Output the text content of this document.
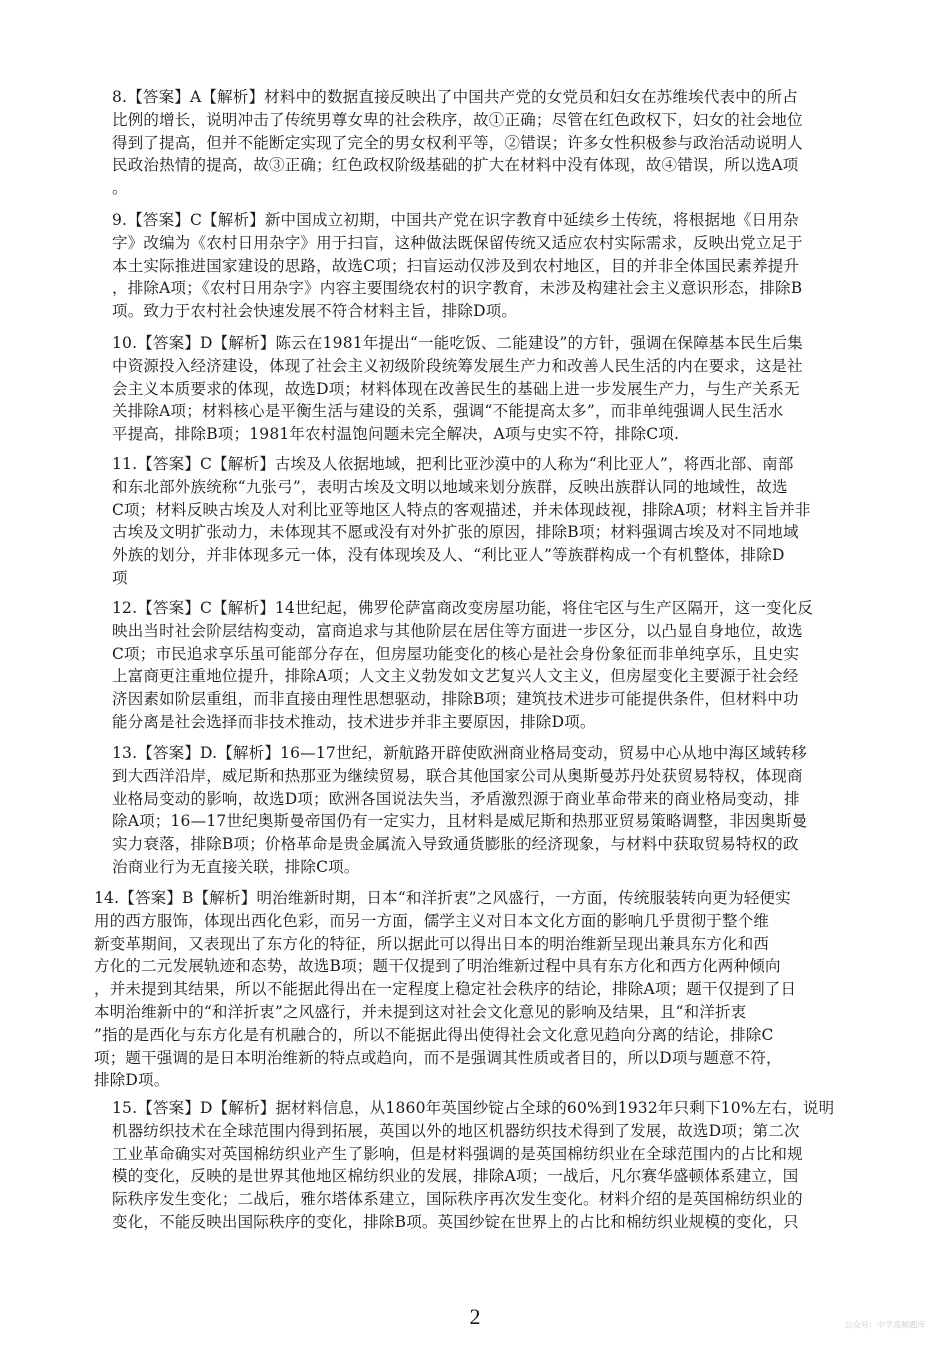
8.【答案】A【解析】材料中的数据直接反映出了中国共产党的女党员和妇女在苏维埃代表中的所占
比例的增长，说明冲击了传统男尊女卑的社会秩序，故①正确；尽管在红色政权下，妇女的社会地位
得到了提高，但并不能断定实现了完全的男女权利平等，②错误；许多女性积极参与政治活动说明人
民政治热情的提高，故③正确；红色政权阶级基础的扩大在材料中没有体现，故④错误，所以选A项
。
9.【答案】C【解析】新中国成立初期，中国共产党在识字教育中延续乡土传统，将根据地《日用杂
字》改编为《农村日用杂字》用于扫盲，这种做法既保留传统又适应农村实际需求，反映出党立足于
本土实际推进国家建设的思路，故选C项；扫盲运动仅涉及到农村地区，目的并非全体国民素养提升
，排除A项；《农村日用杂字》内容主要围绕农村的识字教育，未涉及构建社会主义意识形态，排除B
项。致力于农村社会快速发展不符合材料主旨，排除D项。
10.【答案】D【解析】陈云在1981年提出“一能吃饭、二能建设”的方针，强调在保障基本民生后集
中资源投入经济建设，体现了社会主义初级阶段统筹发展生产力和改善人民生活的内在要求，这是社
会主义本质要求的体现，故选D项；材料体现在改善民生的基础上进一步发展生产力，与生产关系无
关排除A项；材料核心是平衡生活与建设的关系，强调“不能提高太多”，而非单纯强调人民生活水
平提高，排除B项；1981年农村温饱问题未完全解决，A项与史实不符，排除C项.
11.【答案】C【解析】古埃及人依据地域，把利比亚沙漠中的人称为“利比亚人”，将西北部、南部
和东北部外族统称“九张弓”，表明古埃及文明以地域来划分族群，反映出族群认同的地域性，故选
C项；材料反映古埃及人对利比亚等地区人特点的客观描述，并未体现歧视，排除A项；材料主旨并非
古埃及文明扩张动力，未体现其不愿或没有对外扩张的原因，排除B项；材料强调古埃及对不同地域
外族的划分，并非体现多元一体，没有体现埃及人、“利比亚人”等族群构成一个有机整体，排除D
项
12.【答案】C【解析】14世纪起，佛罗伦萨富商改变房屋功能，将住宅区与生产区隔开，这一变化反
映出当时社会阶层结构变动，富商追求与其他阶层在居住等方面进一步区分，以凸显自身地位，故选
C项；市民追求享乐虽可能部分存在，但房屋功能变化的核心是社会身份象征而非单纯享乐，且史实
上富商更注重地位提升，排除A项；人文主义勃发如文艺复兴人文主义，但房屋变化主要源于社会经
济因素如阶层重组，而非直接由理性思想驱动，排除B项；建筑技术进步可能提供条件，但材料中功
能分离是社会选择而非技术推动，技术进步并非主要原因，排除D项。
13.【答案】D.【解析】16—17世纪，新航路开辟使欧洲商业格局变动，贸易中心从地中海区域转移
到大西洋沿岸，威尼斯和热那亚为继续贸易，联合其他国家公司从奥斯曼苏丹处获贸易特权，体现商
业格局变动的影响，故选D项；欧洲各国说法失当，矛盾激烈源于商业革命带来的商业格局变动，排
除A项；16—17世纪奥斯曼帝国仍有一定实力，且材料是威尼斯和热那亚贸易策略调整，非因奥斯曼
实力衰落，排除B项；价格革命是贵金属流入导致通货膨胀的经济现象，与材料中获取贸易特权的政
治商业行为无直接关联，排除C项。
14.【答案】B【解析】明治维新时期，日本“和洋折衷”之风盛行，一方面，传统服装转向更为轻便实
用的西方服饰，体现出西化色彩，而另一方面，儒学主义对日本文化方面的影响几乎贯彻于整个维
新变革期间，又表现出了东方化的特征，所以据此可以得出日本的明治维新呈现出兼具东方化和西
方化的二元发展轨迹和态势，故选B项；题干仅提到了明治维新过程中具有东方化和西方化两种倾向
，并未提到其结果，所以不能据此得出在一定程度上稳定社会秩序的结论，排除A项；题干仅提到了日
本明治维新中的“和洋折衷”之风盛行，并未提到这对社会文化意见的影响及结果，且“和洋折衷
”指的是西化与东方化是有机融合的，所以不能据此得出使得社会文化意见趋向分离的结论，排除C
项；题干强调的是日本明治维新的特点或趋向，而不是强调其性质或者目的，所以D项与题意不符，
排除D项。
15.【答案】D【解析】据材料信息，从1860年英国纱锭占全球的60%到1932年只剩下10%左右，说明
机器纺织技术在全球范围内得到拓展，英国以外的地区机器纺织技术得到了发展，故选D项；第二次
工业革命确实对英国棉纺织业产生了影响，但是材料强调的是英国棉纺织业在全球范围内的占比和规
模的变化，反映的是世界其他地区棉纺织业的发展，排除A项；一战后，凡尔赛华盛顿体系建立，国
际秩序发生变化；二战后，雅尔塔体系建立，国际秩序再次发生变化。材料介绍的是英国棉纺织业的
变化，不能反映出国际秩序的变化，排除B项。英国纱锭在世界上的占比和棉纺织业规模的变化，只
2	公众号：中学高频题库
